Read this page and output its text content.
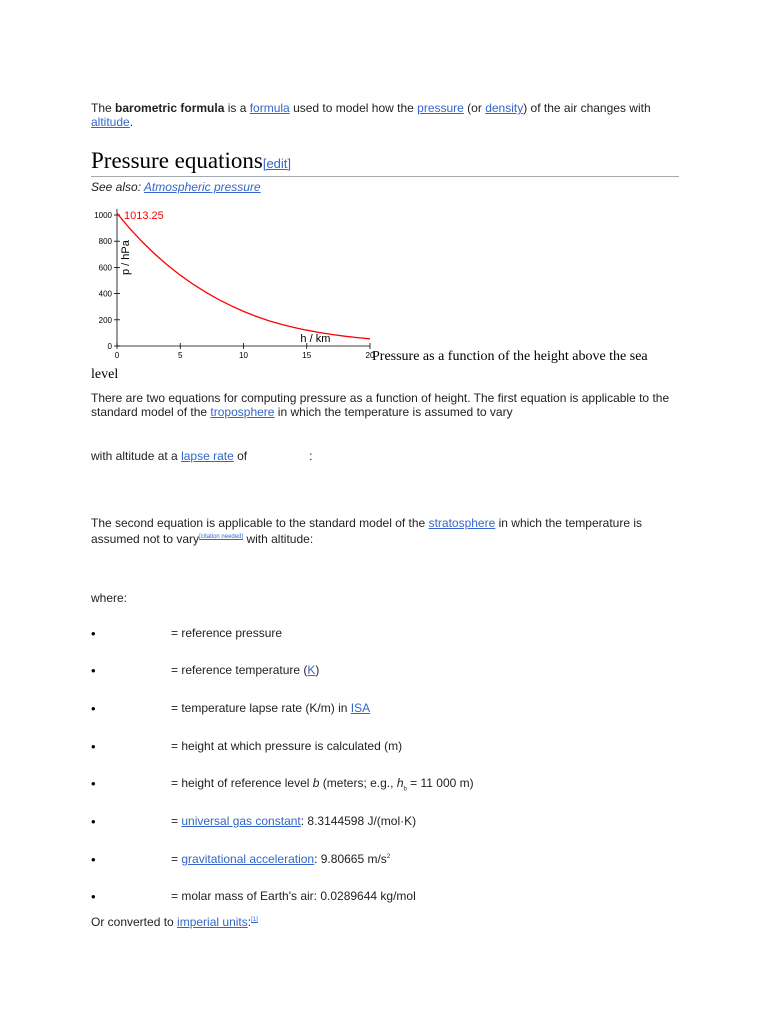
The barometric formula is a formula used to model how the pressure (or density) of the air changes with altitude.
Pressure equations[edit]
See also: Atmospheric pressure
0
200
400
600
800
1000
0	5	10	15	20
1013.25
p / hPa
h / km
Pressure as a function of the height above the sea
level
There are two equations for computing pressure as a function of height. The first equation is applicable to the standard model of the troposphere in which the temperature is assumed to vary
with altitude at a lapse rate of	:
The second equation is applicable to the standard model of the stratosphere in which the temperature is assumed not to vary[citation needed] with altitude:
where:
•	= reference pressure
•	= reference temperature (K)
•	= temperature lapse rate (K/m) in ISA
•	= height at which pressure is calculated (m)
•	= height of reference level b (meters; e.g., $h_b = 11$ 000 m)
•	= universal gas constant: 8.3144598 J/(mol·K)
•	= gravitational acceleration: 9.80665 $m/s^2$
•	= molar mass of Earth's air: 0.0289644 kg/mol
Or converted to imperial units:[1]
